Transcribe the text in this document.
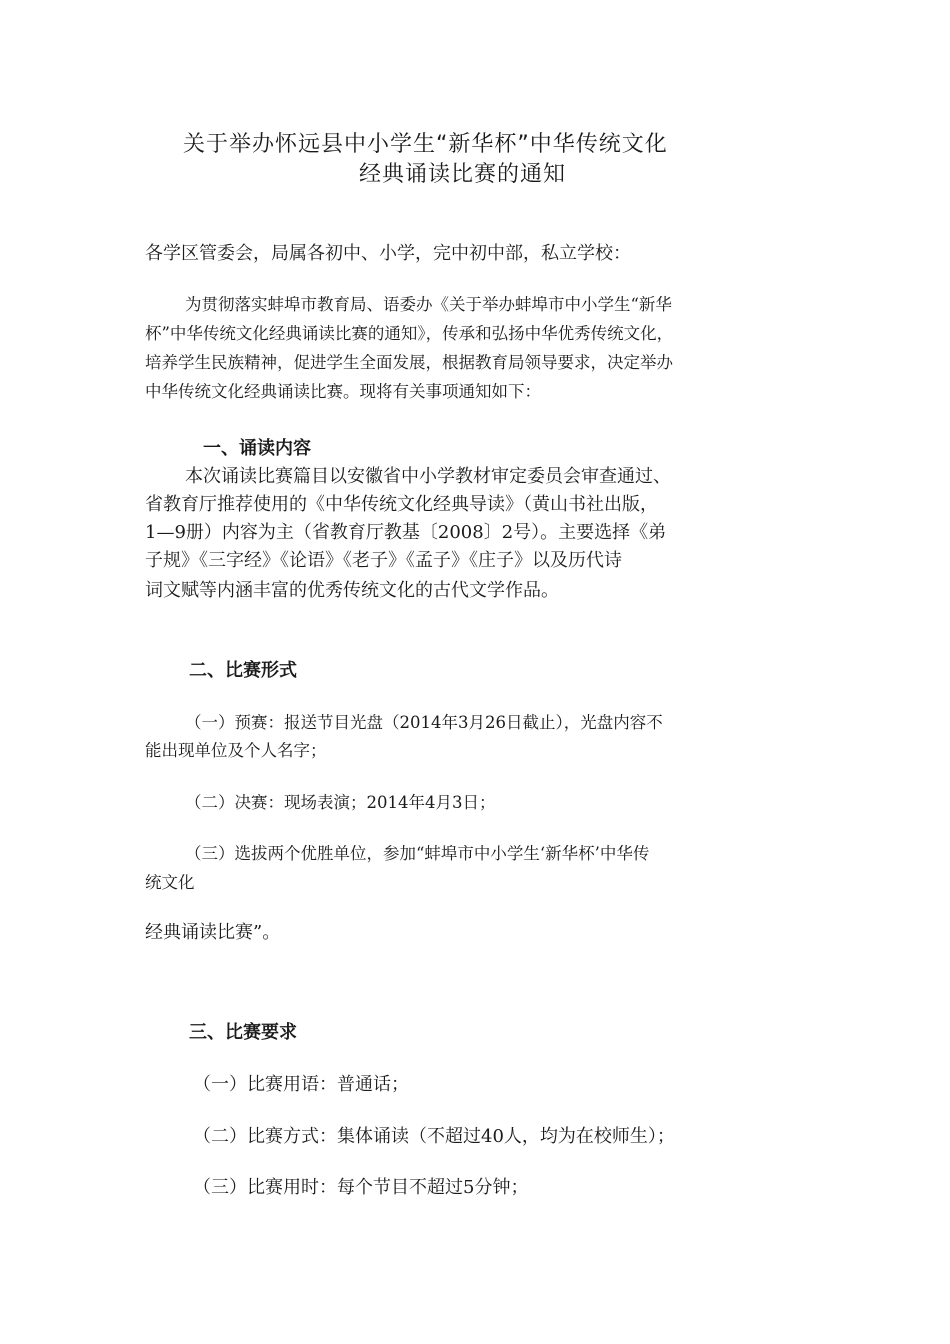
关于举办怀远县中小学生“新华杯”中华传统文化
经典诵读比赛的通知
各学区管委会，局属各初中、小学，完中初中部，私立学校：
为贯彻落实蚌埠市教育局、语委办《关于举办蚌埠市中小学生“新华
杯”中华传统文化经典诵读比赛的通知》，传承和弘扬中华优秀传统文化，
培养学生民族精神，促进学生全面发展，根据教育局领导要求，决定举办
中华传统文化经典诵读比赛。现将有关事项通知如下：
一、诵读内容
本次诵读比赛篇目以安徽省中小学教材审定委员会审查通过、
省教育厅推荐使用的《中华传统文化经典导读》（黄山书社出版，
1—9册）内容为主（省教育厅教基〔2008〕2号）。主要选择《弟
子规》《三字经》《论语》《老子》《孟子》《庄子》以及历代诗
词文赋等内涵丰富的优秀传统文化的古代文学作品。
二、比赛形式
（一）预赛：报送节目光盘（2014年3月26日截止），光盘内容不
能出现单位及个人名字；
（二）决赛：现场表演；2014年4月3日；
（三）选拔两个优胜单位，参加“蚌埠市中小学生‘新华杯’中华传
统文化
经典诵读比赛”。
三、比赛要求
（一）比赛用语：普通话；
（二）比赛方式：集体诵读（不超过40人，均为在校师生）；
（三）比赛用时：每个节目不超过5分钟；
